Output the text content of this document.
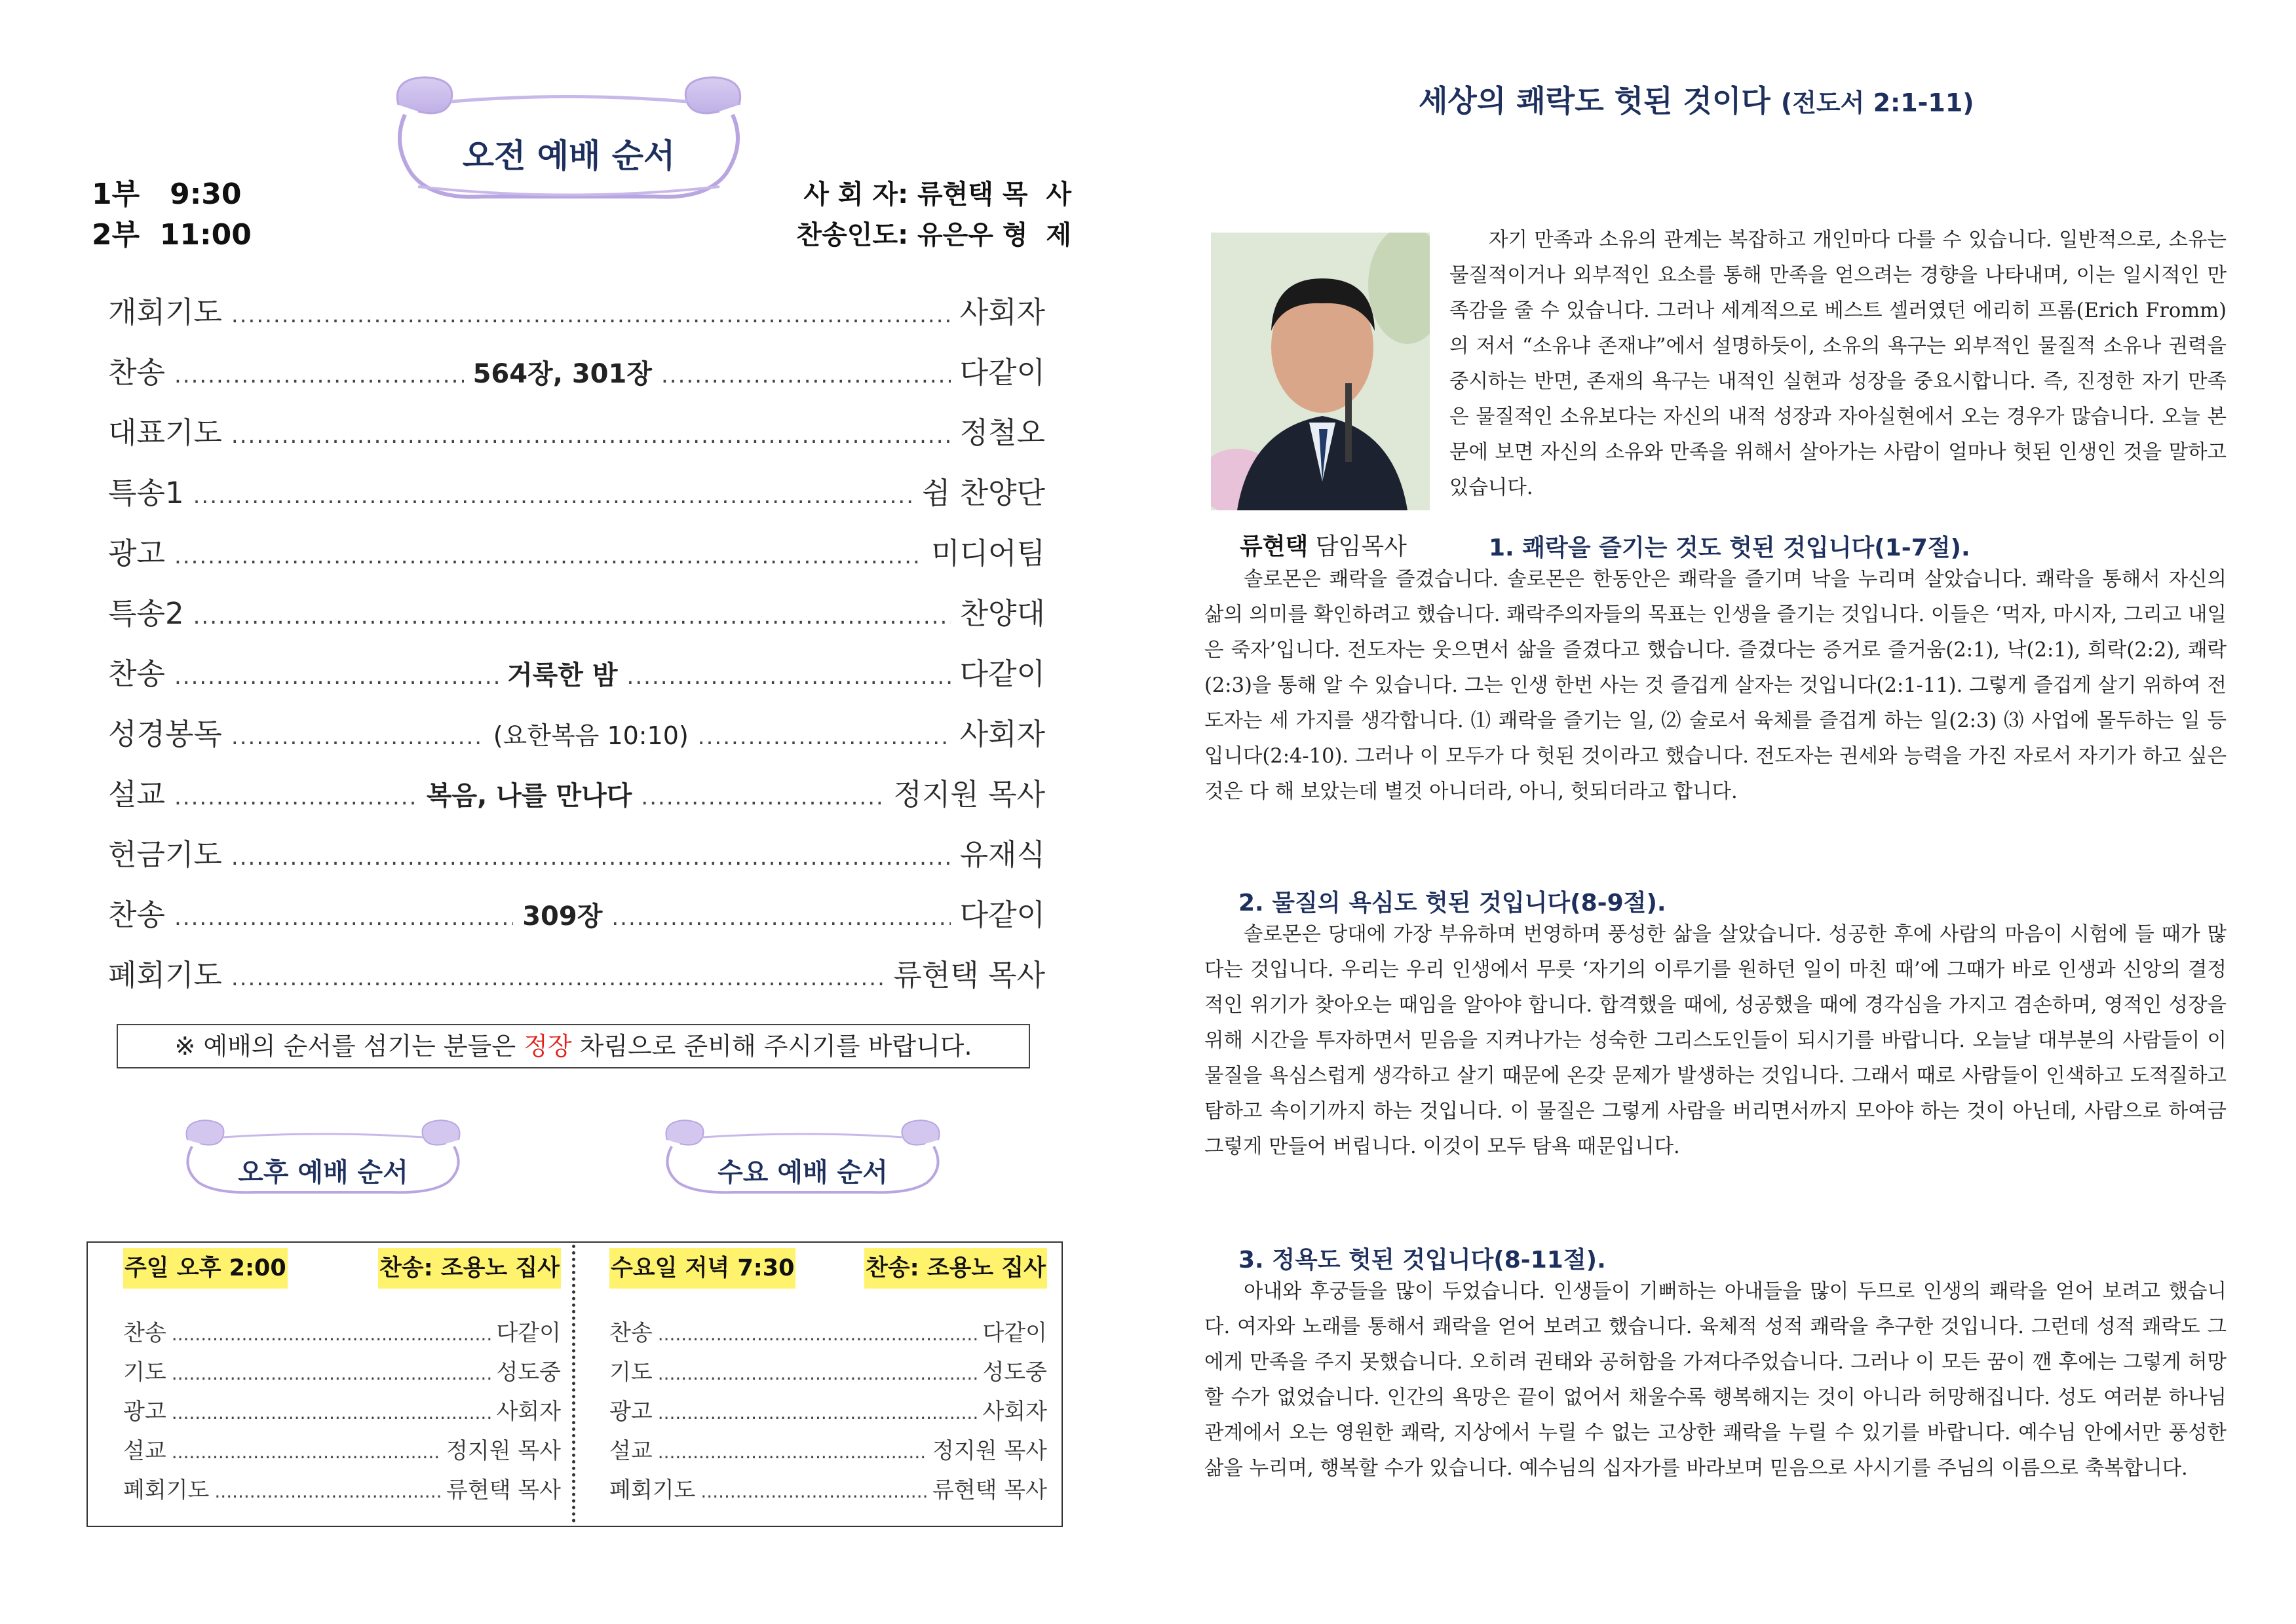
오전 예배 순서
1부   9:30
2부  11:00
사 회 자: 류현택 목  사
찬송인도: 유은우 형  제
개회기도 .....	사회자
찬송 .....	564장, 301장 .....	다같이
대표기도 .....	정철오
특송1 .....	쉼 찬양단
광고 .....	미디어팀
특송2 .....	찬양대
찬송 .....	거룩한 밤 .....	다같이
성경봉독 .....	(요한복음 10:10) .....	사회자
설교 .....	복음, 나를 만나다 .....	정지원 목사
헌금기도 .....	유재식
찬송 .....	309장 .....	다같이
폐회기도 .....	류현택 목사
※ 예배의 순서를 섬기는 분들은 정장 차림으로 준비해 주시기를 바랍니다.
오후 예배 순서	수요 예배 순서
주일 오후 2:00	찬송: 조용노 집사
찬송 .....	다같이
기도 .....	성도중
광고 .....	사회자
설교 .....	정지원 목사
폐회기도 .....	류현택 목사
수요일 저녁 7:30	찬송: 조용노 집사
찬송 .....	다같이
기도 .....	성도중
광고 .....	사회자
설교 .....	정지원 목사
폐회기도 .....	류현택 목사
세상의 쾌락도 헛된 것이다 (전도서 2:1-11)
류현택 담임목사

자기 만족과 소유의 관계는 복잡하고 개인마다 다를 수 있습니다. 일반적으로, 소유는 물질적이거나 외부적인 요소를 통해 만족을 얻으려는 경향을 나타내며, 이는 일시적인 만족감을 줄 수 있습니다. 그러나 세계적으로 베스트 셀러였던 에리히 프롬(Erich Fromm)의 저서 “소유냐 존재냐”에서 설명하듯이, 소유의 욕구는 외부적인 물질적 소유나 권력을 중시하는 반면, 존재의 욕구는 내적인 실현과 성장을 중요시합니다. 즉, 진정한 자기 만족은 물질적인 소유보다는 자신의 내적 성장과 자아실현에서 오는 경우가 많습니다. 오늘 본문에 보면 자신의 소유와 만족을 위해서 살아가는 사람이 얼마나 헛된 인생인 것을 말하고 있습니다.

1. 쾌락을 즐기는 것도 헛된 것입니다(1-7절).

솔로몬은 쾌락을 즐겼습니다. 솔로몬은 한동안은 쾌락을 즐기며 낙을 누리며 살았습니다. 쾌락을 통해서 자신의 삶의 의미를 확인하려고 했습니다. 쾌락주의자들의 목표는 인생을 즐기는 것입니다. 이들은 ‘먹자, 마시자, 그리고 내일은 죽자’입니다. 전도자는 웃으면서 삶을 즐겼다고 했습니다. 즐겼다는 증거로 즐거움(2:1), 낙(2:1), 희락(2:2), 쾌락(2:3)을 통해 알 수 있습니다. 그는 인생 한번 사는 것 즐겁게 살자는 것입니다(2:1-11). 그렇게 즐겁게 살기 위하여 전도자는 세 가지를 생각합니다. ⑴ 쾌락을 즐기는 일, ⑵ 술로서 육체를 즐겁게 하는 일(2:3) ⑶ 사업에 몰두하는 일 등입니다(2:4-10). 그러나 이 모두가 다 헛된 것이라고 했습니다. 전도자는 권세와 능력을 가진 자로서 자기가 하고 싶은 것은 다 해 보았는데 별것 아니더라, 아니, 헛되더라고 합니다.

2. 물질의 욕심도 헛된 것입니다(8-9절).

솔로몬은 당대에 가장 부유하며 번영하며 풍성한 삶을 살았습니다. 성공한 후에 사람의 마음이 시험에 들 때가 많다는 것입니다. 우리는 우리 인생에서 무릇 ‘자기의 이루기를 원하던 일이 마친 때’에 그때가 바로 인생과 신앙의 결정적인 위기가 찾아오는 때임을 알아야 합니다. 합격했을 때에, 성공했을 때에 경각심을 가지고 겸손하며, 영적인 성장을 위해 시간을 투자하면서 믿음을 지켜나가는 성숙한 그리스도인들이 되시기를 바랍니다. 오늘날 대부분의 사람들이 이 물질을 욕심스럽게 생각하고 살기 때문에 온갖 문제가 발생하는 것입니다. 그래서 때로 사람들이 인색하고 도적질하고 탐하고 속이기까지 하는 것입니다. 이 물질은 그렇게 사람을 버리면서까지 모아야 하는 것이 아닌데, 사람으로 하여금 그렇게 만들어 버립니다. 이것이 모두 탐욕 때문입니다.

3. 정욕도 헛된 것입니다(8-11절).

아내와 후궁들을 많이 두었습니다. 인생들이 기뻐하는 아내들을 많이 두므로 인생의 쾌락을 얻어 보려고 했습니다. 여자와 노래를 통해서 쾌락을 얻어 보려고 했습니다. 육체적 성적 쾌락을 추구한 것입니다. 그런데 성적 쾌락도 그에게 만족을 주지 못했습니다. 오히려 권태와 공허함을 가져다주었습니다. 그러나 이 모든 꿈이 깬 후에는 그렇게 허망할 수가 없었습니다. 인간의 욕망은 끝이 없어서 채울수록 행복해지는 것이 아니라 허망해집니다. 성도 여러분 하나님 관계에서 오는 영원한 쾌락, 지상에서 누릴 수 없는 고상한 쾌락을 누릴 수 있기를 바랍니다. 예수님 안에서만 풍성한 삶을 누리며, 행복할 수가 있습니다. 예수님의 십자가를 바라보며 믿음으로 사시기를 주님의 이름으로 축복합니다.
